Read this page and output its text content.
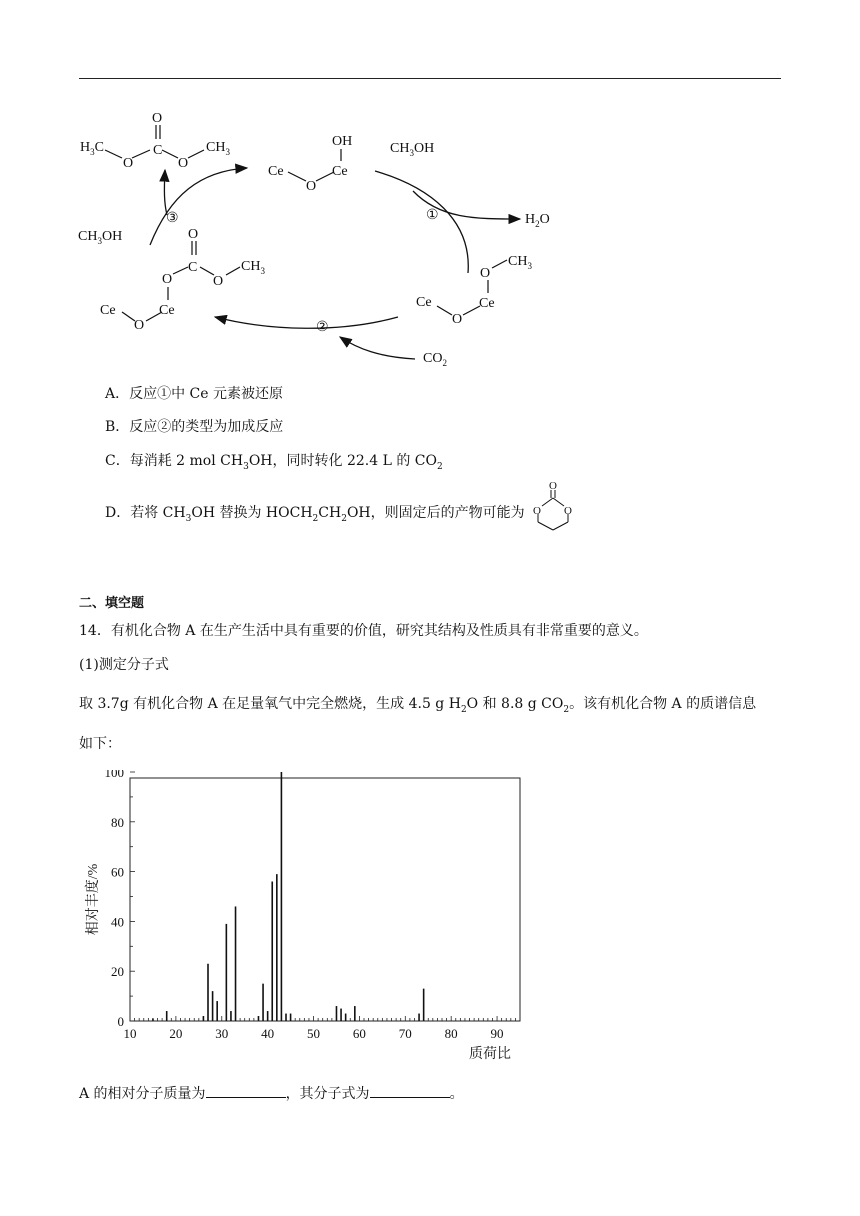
$H_3C$
O
C
O	O
$CH_3$
OH
Ce
O
Ce
$CH_3OH$
①	$H_2O$
O
$CH_3$
Ce
O
Ce
②
$CO_2$
$CH_3OH$
③
O
C
O	O
$CH_3$
Ce
O
Ce
A．反应①中 Ce 元素被还原
B．反应②的类型为加成反应
C．每消耗 2 mol $CH_3OH$，同时转化 22.4 L 的 $CO_2$
D．若将 $CH_3OH$ 替换为 $HOCH_2CH_2OH$，则固定后的产物可能为
O
O O
二、填空题
14．有机化合物 A 在生产生活中具有重要的价值，研究其结构及性质具有非常重要的意义。
(1)测定分子式
取 3.7g 有机化合物 A 在足量氧气中完全燃烧，生成 4.5 g $H_2O$ 和 8.8 g $CO_2$。该有机化合物 A 的质谱信息
如下：
10	20	30	40	50	60	70	80	90
0
20
40
60
80
100
质荷比
相对丰度/%
A 的相对分子质量为	，其分子式为	。
